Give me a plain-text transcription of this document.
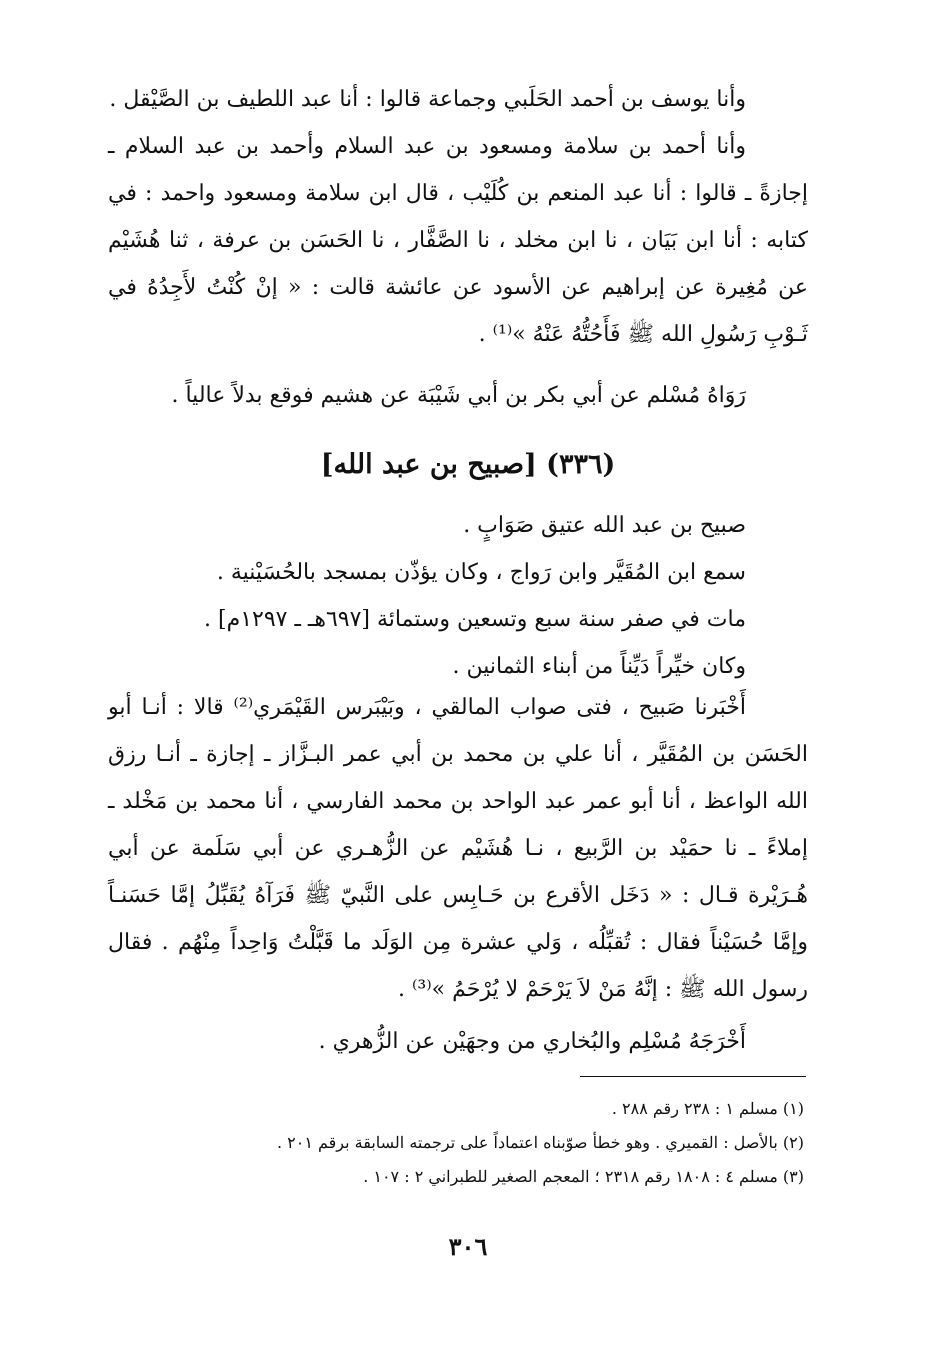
وأنا يوسف بن أحمد الحَلَبي وجماعة قالوا : أنا عبد اللطيف بن الصَّيْقل .

وأنا أحمد بن سلامة ومسعود بن عبد السلام وأحمد بن عبد السلام ـ إجازةً ـ قالوا : أنا عبد المنعم بن كُلَيْب ، قال ابن سلامة ومسعود واحمد : في كتابه : أنا ابن بَيَان ، نا ابن مخلد ، نا الصَّفَّار ، نا الحَسَن بن عرفة ، ثنا هُشَيْم عن مُغِيرة عن إبراهيم عن الأسود عن عائشة قالت : « إنْ كُنْتُ لأَجِدُهُ في ثَـوْبِ رَسُولِ الله ﷺ فَأَحُتُّهُ عَنْهُ »⁽¹⁾ .

رَوَاهُ مُسْلم عن أبي بكر بن أبي شَيْبَة عن هشيم فوقع بدلاً عالياً .

(٣٣٦) [صبيح بن عبد الله]

صبيح بن عبد الله عتيق صَوَابٍ .

سمع ابن المُقَيَّر وابن رَواج ، وكان يؤذّن بمسجد بالحُسَيْنية .

مات في صفر سنة سبع وتسعين وستمائة [٦٩٧هـ ـ ١٢٩٧م] .

وكان خيِّراً دَيِّناً من أبناء الثمانين .

أَخْبَرنا صَبيح ، فتى صواب المالقي ، وبَيْبَرس القَيْمَري⁽²⁾ قالا : أنـا أبو الحَسَن بن المُقَيَّر ، أنا علي بن محمد بن أبي عمر البـزَّاز ـ إجازة ـ أنـا رزق الله الواعظ ، أنا أبو عمر عبد الواحد بن محمد الفارسي ، أنا محمد بن مَخْلد ـ إملاءً ـ نا حمَيْد بن الرَّبيع ، نـا هُشَيْم عن الزُّهـري عن أبي سَلَمة عن أبي هُـرَيْرة قـال : « دَخَل الأقرع بن حَـابِس على النَّبيّ ﷺ فَرَآهُ يُقَبِّلُ إمَّا حَسَنـاً وإمَّا حُسَيْناً فقال : تُقبِّلُه ، وَلي عشرة مِن الوَلَد ما قَبَّلْتُ وَاحِداً مِنْهُم . فقال رسول الله ﷺ : إنَّهُ مَنْ لاَ يَرْحَمْ لا يُرْحَمُ »⁽³⁾ .

أَخْرَجَهُ مُسْلِم والبُخاري من وجهَيْن عن الزُّهري .

(١) مسلم ١ : ٢٣٨ رقم ٢٨٨ .

(٢) بالأصل : القميري . وهو خطأ صوّبناه اعتماداً على ترجمته السابقة برقم ٢٠١ .

(٣) مسلم ٤ : ١٨٠٨ رقم ٢٣١٨ ؛ المعجم الصغير للطبراني ٢ : ١٠٧ .

٣٠٦
